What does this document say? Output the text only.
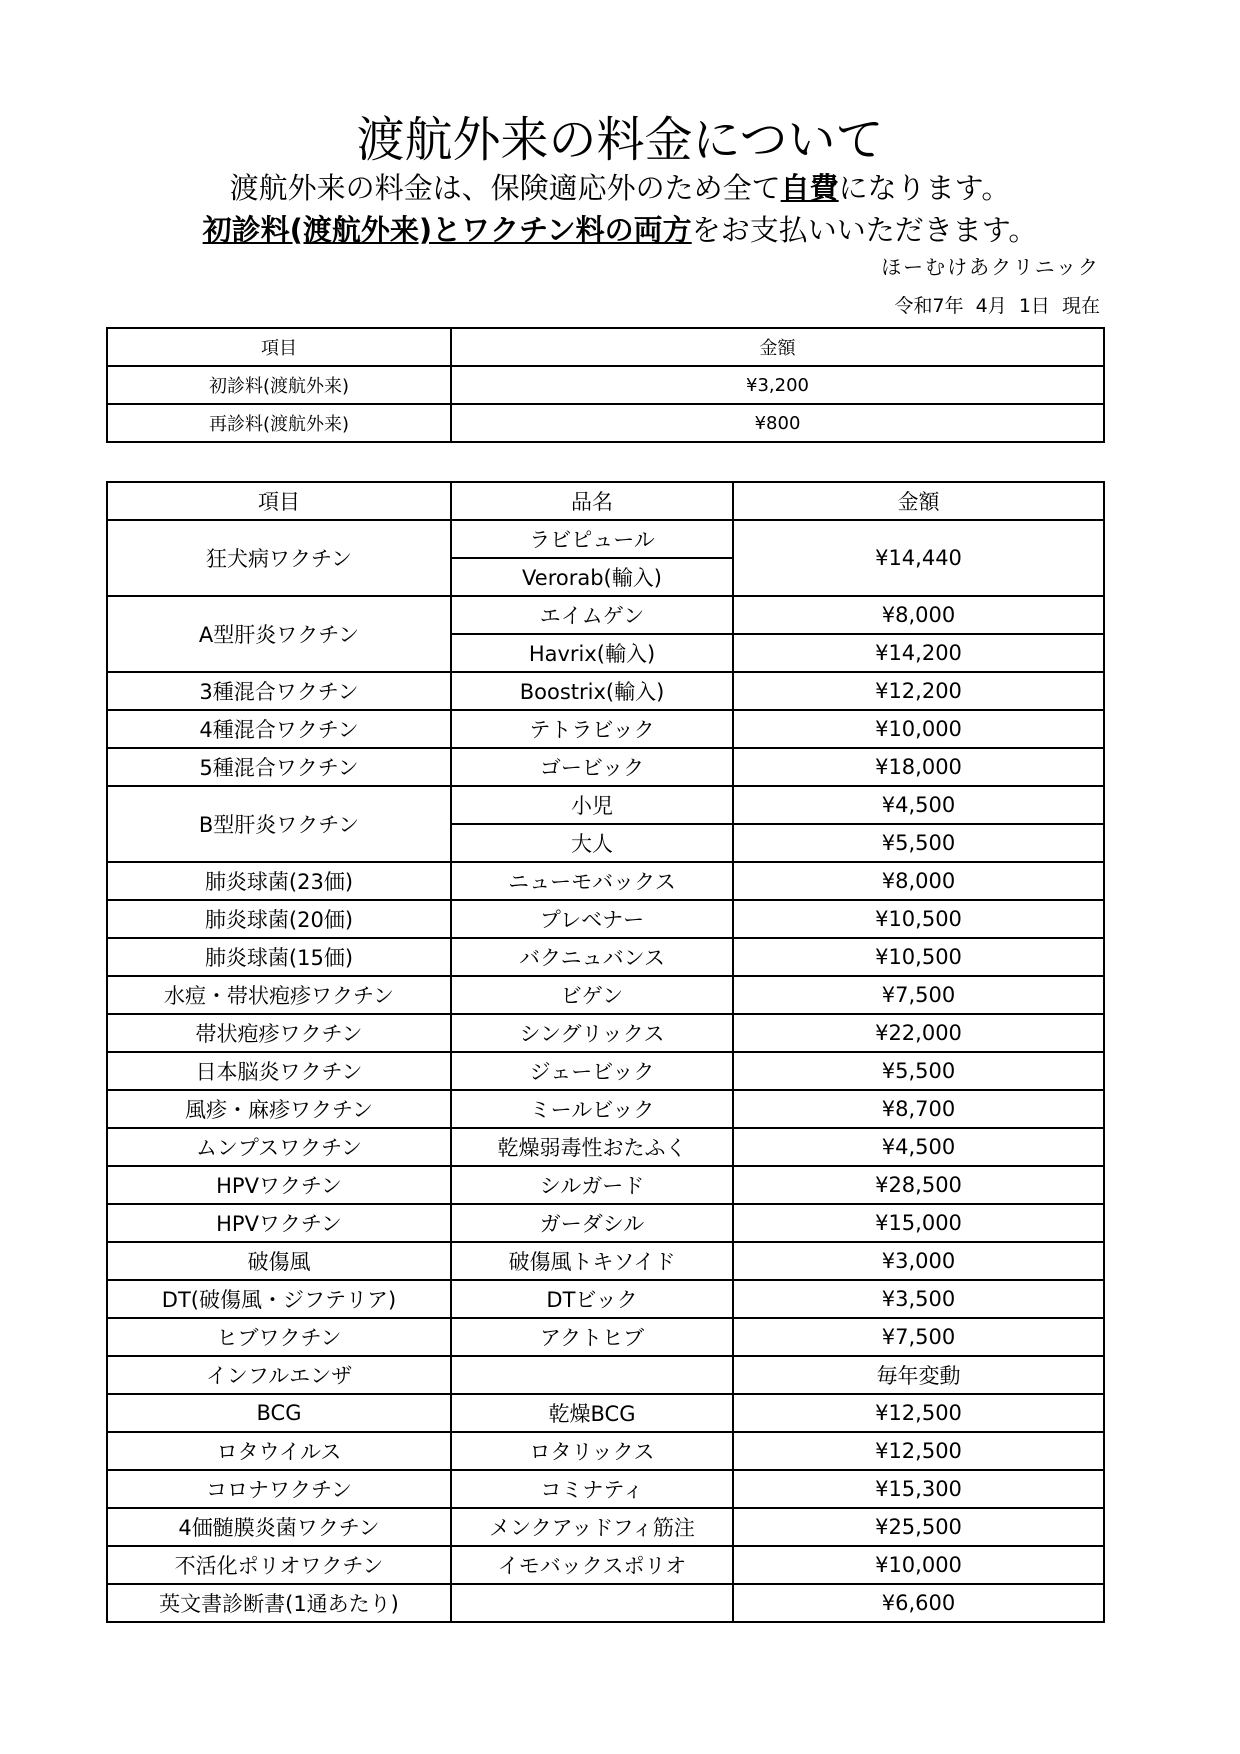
渡航外来の料金について
渡航外来の料金は、保険適応外のため全て自費になります。
初診料(渡航外来)とワクチン料の両方をお支払いいただきます。
ほーむけあクリニック
令和7年  4月  1日  現在
項目	金額
初診料(渡航外来)	¥3,200
再診料(渡航外来)	¥800
項目	品名	金額
狂犬病ワクチン	ラビピュール	¥14,440
	Verorab(輸入)	
A型肝炎ワクチン	エイムゲン	¥8,000
	Havrix(輸入)	¥14,200
3種混合ワクチン	Boostrix(輸入)	¥12,200
4種混合ワクチン	テトラビック	¥10,000
5種混合ワクチン	ゴービック	¥18,000
B型肝炎ワクチン	小児	¥4,500
	大人	¥5,500
肺炎球菌(23価)	ニューモバックス	¥8,000
肺炎球菌(20価)	プレベナー	¥10,500
肺炎球菌(15価)	バクニュバンス	¥10,500
水痘・帯状疱疹ワクチン	ビゲン	¥7,500
帯状疱疹ワクチン	シングリックス	¥22,000
日本脳炎ワクチン	ジェービック	¥5,500
風疹・麻疹ワクチン	ミールビック	¥8,700
ムンプスワクチン	乾燥弱毒性おたふく	¥4,500
HPVワクチン	シルガード	¥28,500
HPVワクチン	ガーダシル	¥15,000
破傷風	破傷風トキソイド	¥3,000
DT(破傷風・ジフテリア)	DTビック	¥3,500
ヒブワクチン	アクトヒブ	¥7,500
インフルエンザ		毎年変動
BCG	乾燥BCG	¥12,500
ロタウイルス	ロタリックス	¥12,500
コロナワクチン	コミナティ	¥15,300
4価髄膜炎菌ワクチン	メンクアッドフィ筋注	¥25,500
不活化ポリオワクチン	イモバックスポリオ	¥10,000
英文書診断書(1通あたり)		¥6,600
